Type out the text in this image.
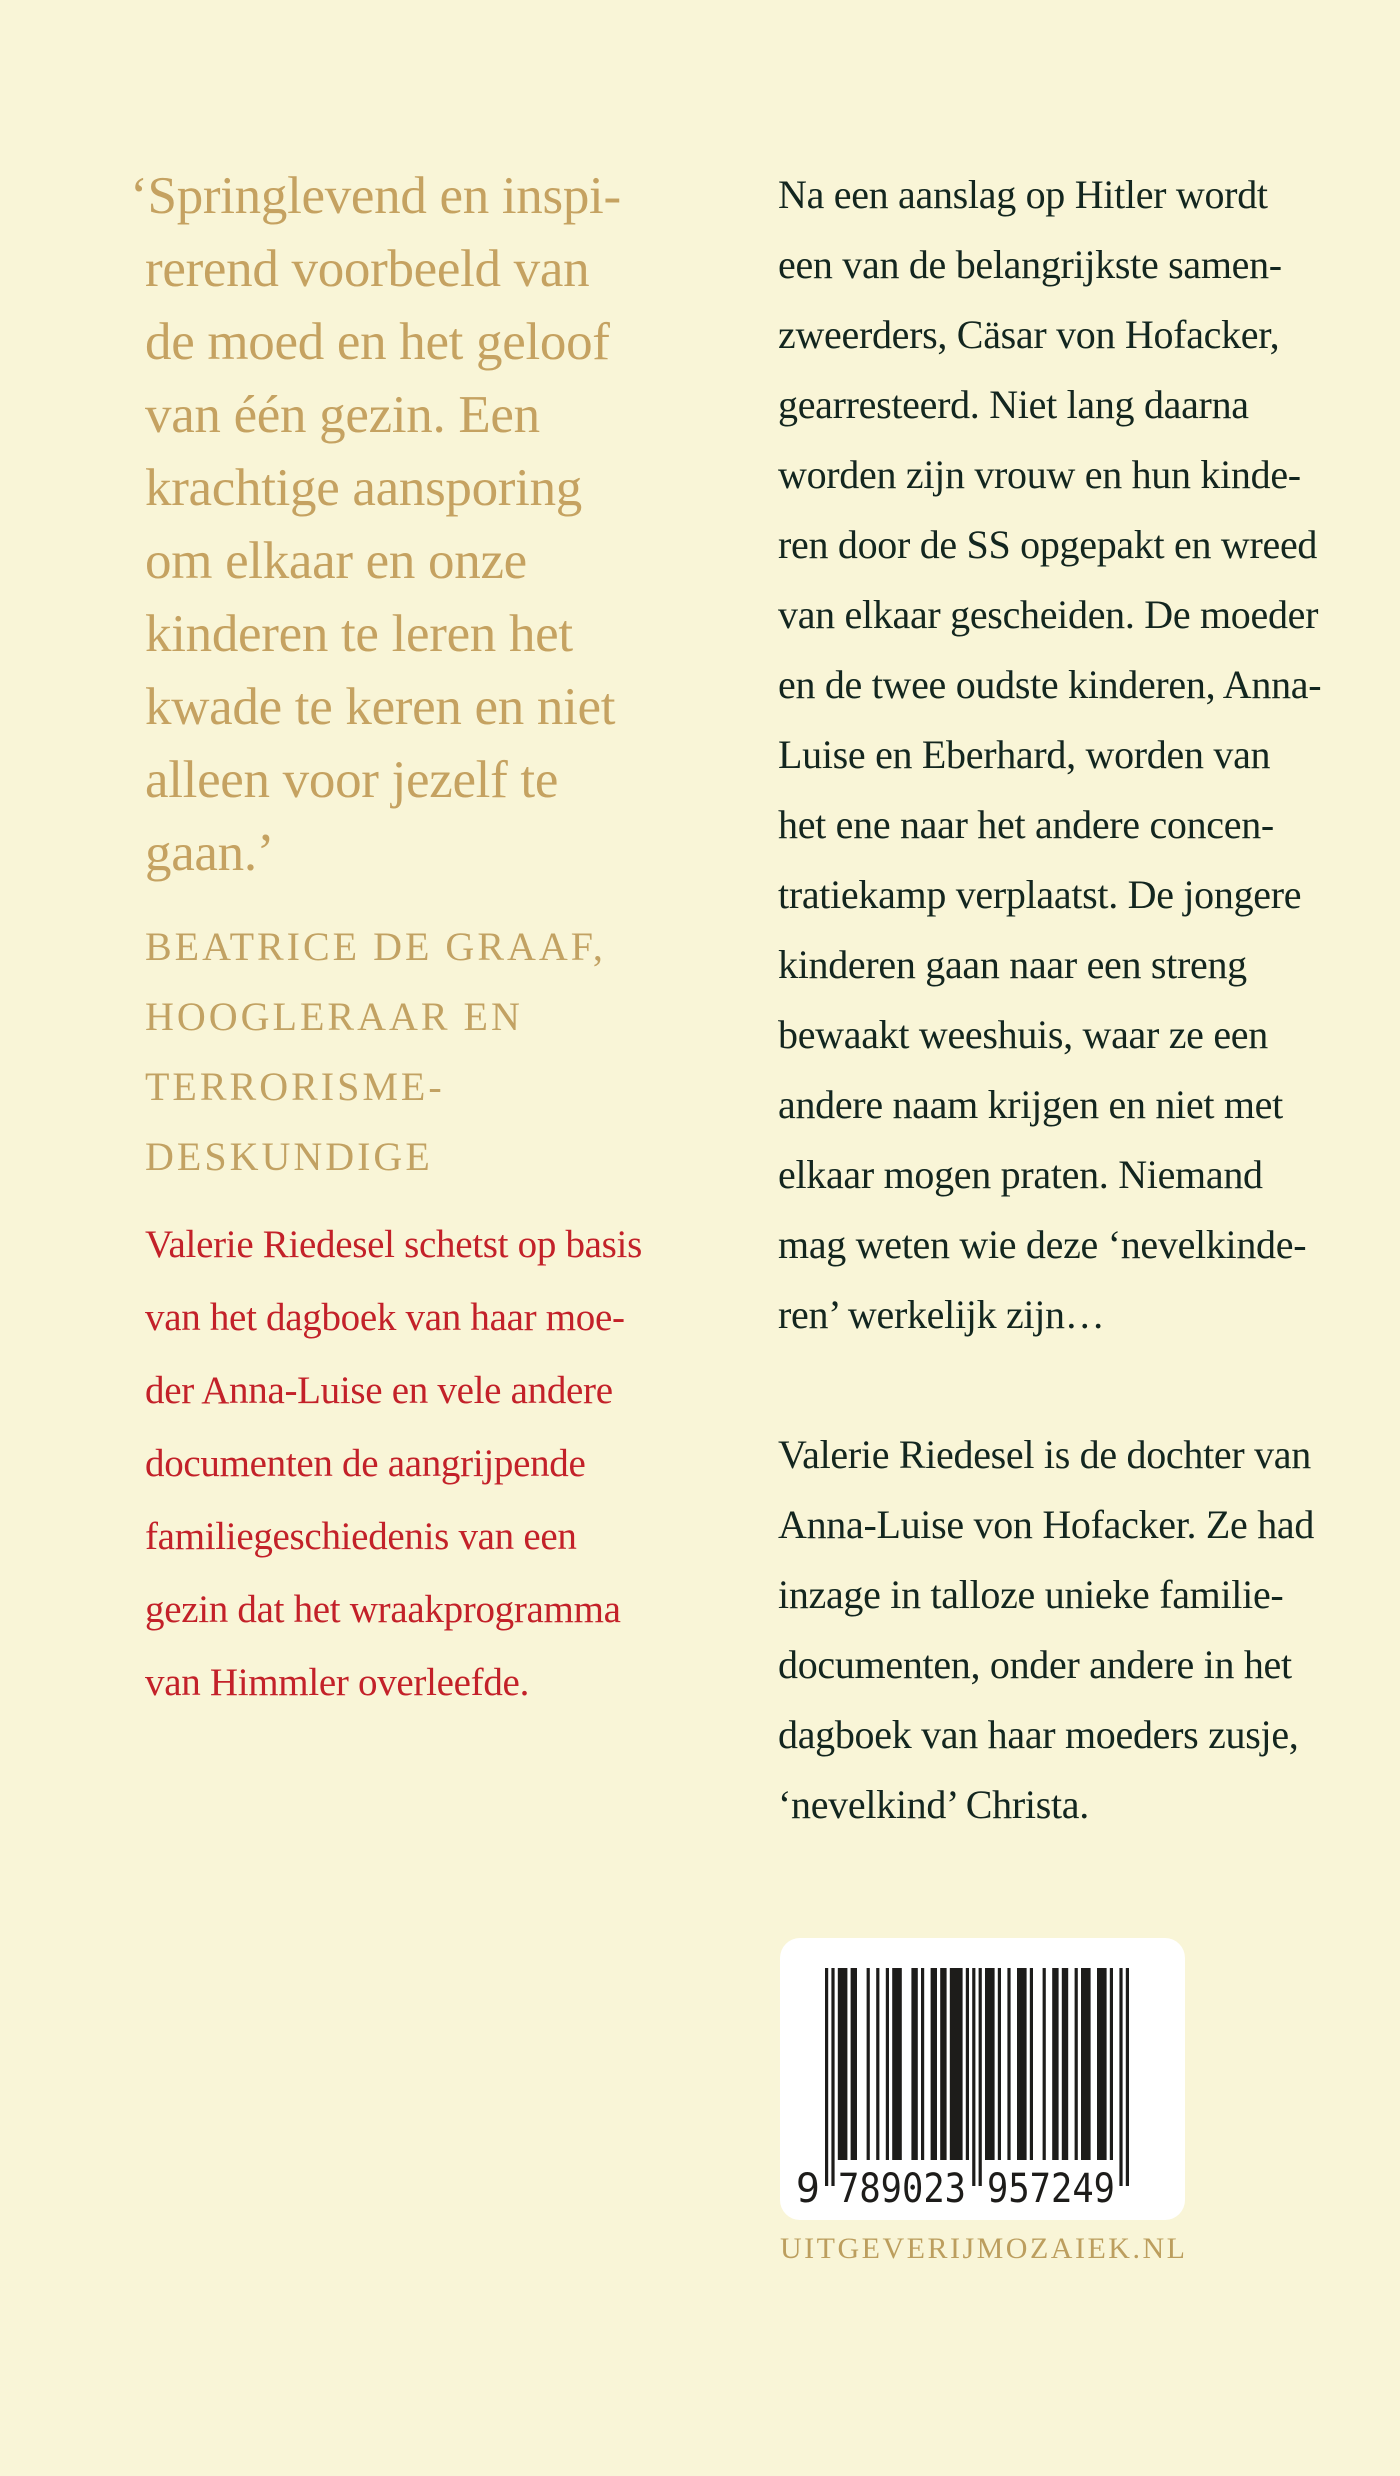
‘Springlevend en inspi-
rerend voorbeeld van
de moed en het geloof
van één gezin. Een
krachtige aansporing
om elkaar en onze
kinderen te leren het
kwade te keren en niet
alleen voor jezelf te
gaan.’
BEATRICE DE GRAAF,
HOOGLERAAR EN
TERRORISME-
DESKUNDIGE
Valerie Riedesel schetst op basis
van het dagboek van haar moe-
der Anna-Luise en vele andere
documenten de aangrijpende
familiegeschiedenis van een
gezin dat het wraakprogramma
van Himmler overleefde.
Na een aanslag op Hitler wordt
een van de belangrijkste samen-
zweerders, Cäsar von Hofacker,
gearresteerd. Niet lang daarna
worden zijn vrouw en hun kinde-
ren door de SS opgepakt en wreed
van elkaar gescheiden. De moeder
en de twee oudste kinderen, Anna-
Luise en Eberhard, worden van
het ene naar het andere concen-
tratiekamp verplaatst. De jongere
kinderen gaan naar een streng
bewaakt weeshuis, waar ze een
andere naam krijgen en niet met
elkaar mogen praten. Niemand
mag weten wie deze ‘nevelkinde-
ren’ werkelijk zijn…
Valerie Riedesel is de dochter van
Anna-Luise von Hofacker. Ze had
inzage in talloze unieke familie-
documenten, onder andere in het
dagboek van haar moeders zusje,
‘nevelkind’ Christa.
9 789023 957249
UITGEVERIJMOZAIEK.NL
